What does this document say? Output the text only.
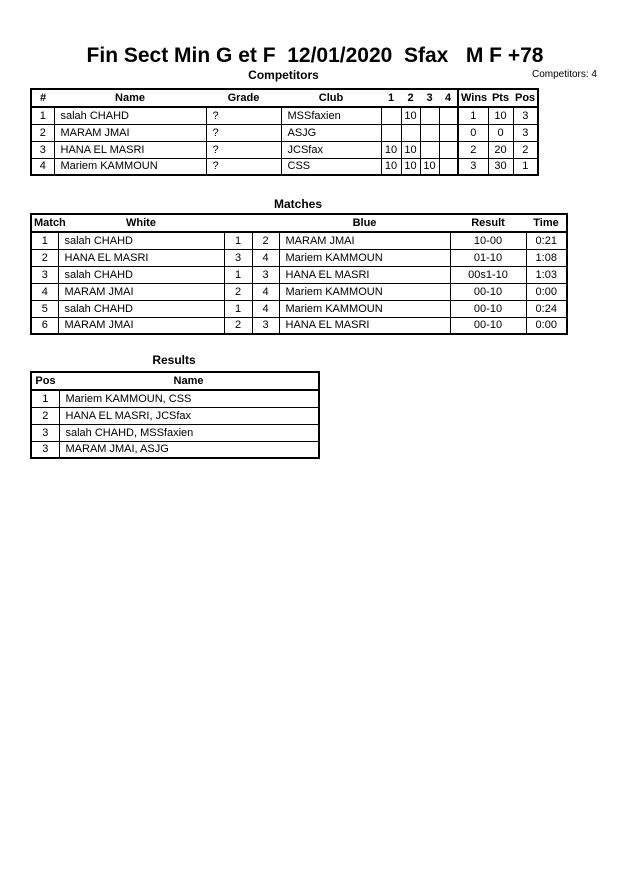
Fin Sect Min G et F  12/01/2020  Sfax   M F +78
Competitors	Competitors: 4
#	Name	Grade	Club	1	2	3	4	Wins	Pts	Pos
1	salah CHAHD	?	MSSfaxien		10			1	10	3
2	MARAM JMAI	?	ASJG					0	0	3
3	HANA EL MASRI	?	JCSfax	10	10			2	20	2
4	Mariem KAMMOUN	?	CSS	10	10	10		3	30	1
Matches
Match	White			Blue	Result	Time
1	salah CHAHD	1	2	MARAM JMAI	10-00	0:21
2	HANA EL MASRI	3	4	Mariem KAMMOUN	01-10	1:08
3	salah CHAHD	1	3	HANA EL MASRI	00s1-10	1:03
4	MARAM JMAI	2	4	Mariem KAMMOUN	00-10	0:00
5	salah CHAHD	1	4	Mariem KAMMOUN	00-10	0:24
6	MARAM JMAI	2	3	HANA EL MASRI	00-10	0:00
Results
Pos	Name
1	Mariem KAMMOUN, CSS
2	HANA EL MASRI, JCSfax
3	salah CHAHD, MSSfaxien
3	MARAM JMAI, ASJG
